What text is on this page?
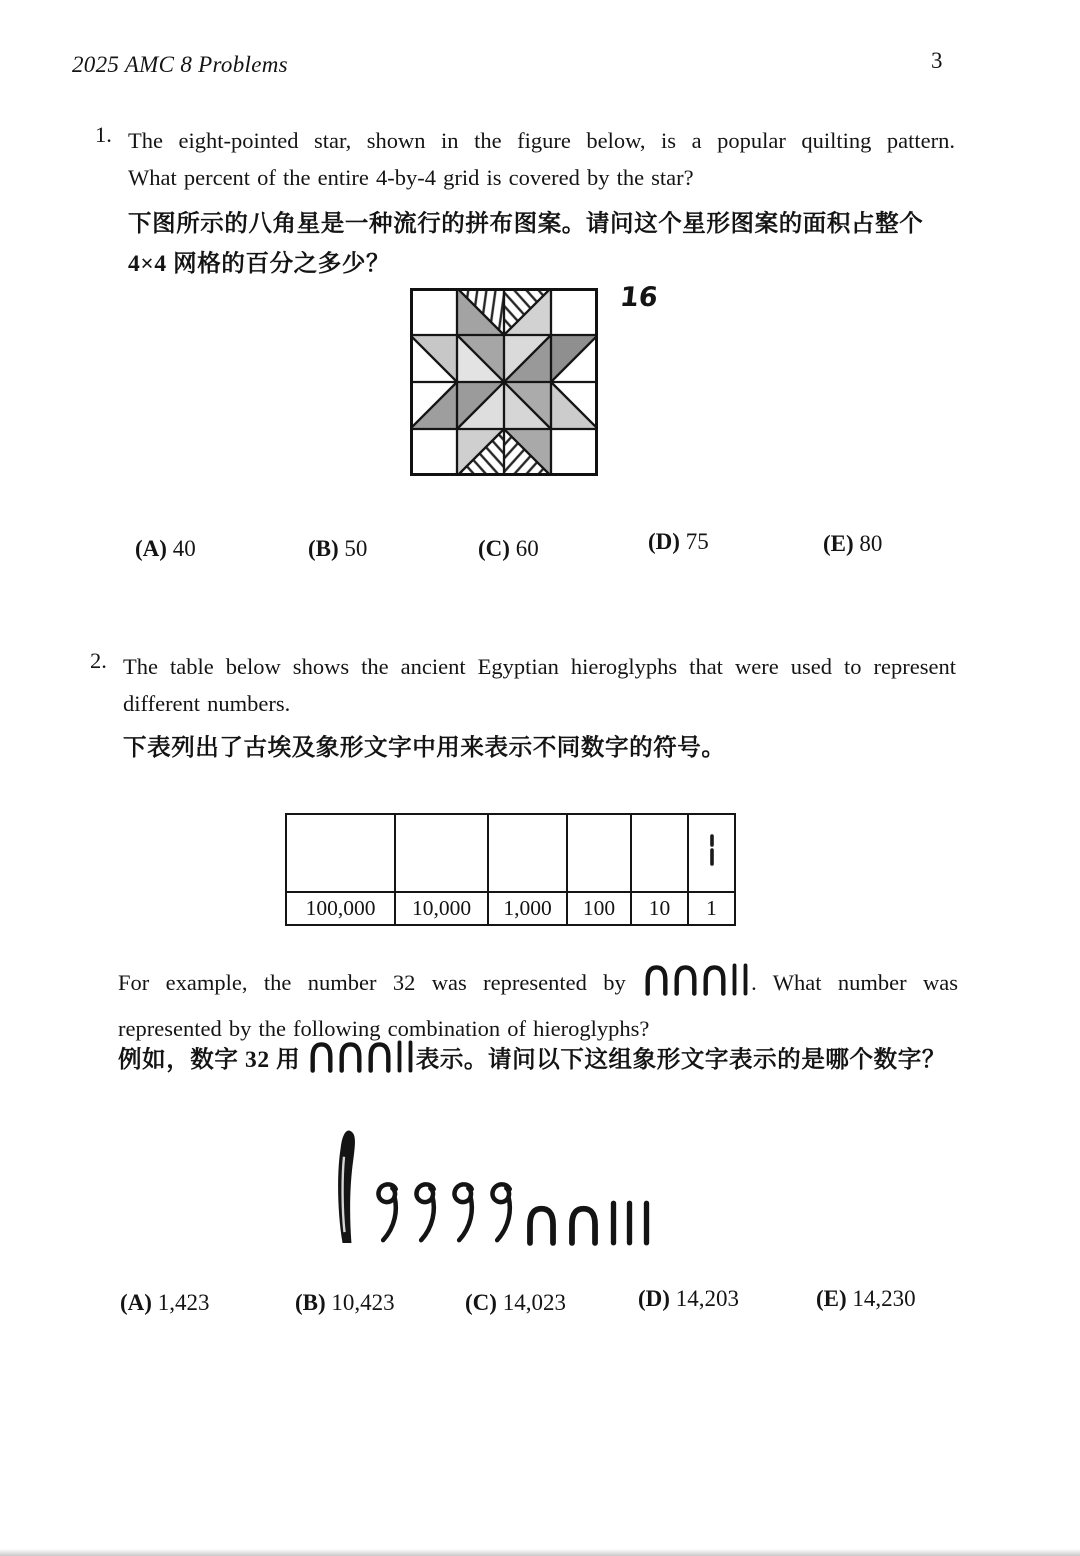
2025 AMC 8 Problems	3
1. The eight-pointed star, shown in the figure below, is a popular quilting pattern.
What percent of the entire 4-by-4 grid is covered by the star?
下图所示的八角星是一种流行的拼布图案。请问这个星形图案的面积占整个 4×4 网格的百分之多少？
16
(A) 40	(B) 50	(C) 60	(D) 75	(E) 80
2. The table below shows the ancient Egyptian hieroglyphs that were used to represent
different numbers.
下表列出了古埃及象形文字中用来表示不同数字的符号。

100,000	10,000	1,000	100	10	1
For example, the number 32 was represented by	. What number was
represented by the following combination of hieroglyphs?
例如，数字 32 用	表示。请问以下这组象形文字表示的是哪个数字？
(A) 1,423	(B) 10,423	(C) 14,023	(D) 14,203	(E) 14,230
